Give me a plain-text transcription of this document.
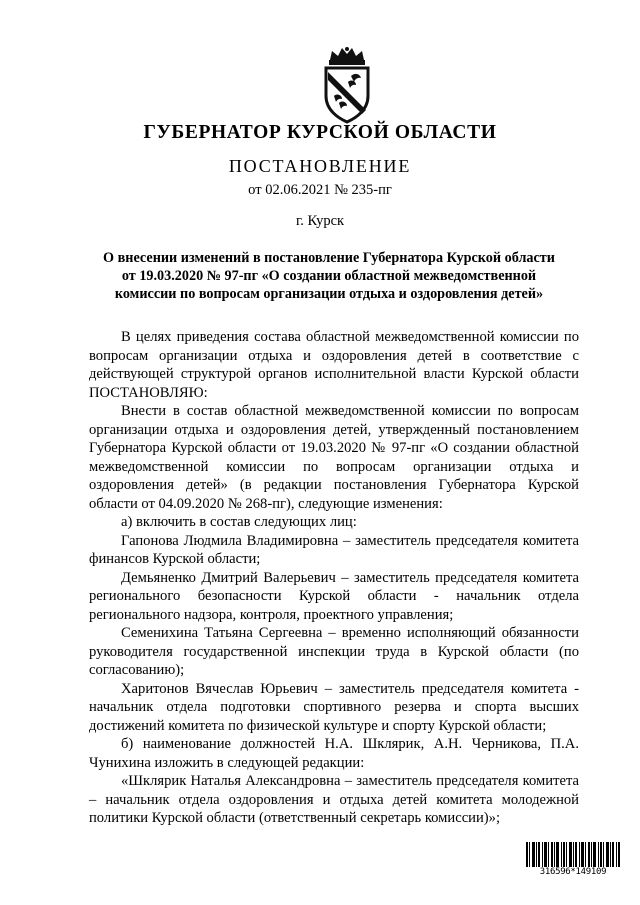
ГУБЕРНАТОР КУРСКОЙ ОБЛАСТИ
ПОСТАНОВЛЕНИЕ
от 02.06.2021 № 235-пг
г. Курск
О внесении изменений в постановление Губернатора Курской области
от 19.03.2020 № 97-пг «О создании областной межведомственной
комиссии по вопросам организации отдыха и оздоровления детей»

В целях приведения состава областной межведомственной комиссии по вопросам организации отдыха и оздоровления детей в соответствие с действующей структурой органов исполнительной власти Курской области ПОСТАНОВЛЯЮ:

Внести в состав областной межведомственной комиссии по вопросам организации отдыха и оздоровления детей, утвержденный постановлением Губернатора Курской области от 19.03.2020 № 97-пг «О создании областной межведомственной комиссии по вопросам организации отдыха и оздоровления детей» (в редакции постановления Губернатора Курской области от 04.09.2020 № 268-пг), следующие изменения:

а) включить в состав следующих лиц:

Гапонова Людмила Владимировна – заместитель председателя комитета финансов Курской области;

Демьяненко Дмитрий Валерьевич – заместитель председателя комитета регионального безопасности Курской области - начальник отдела регионального надзора, контроля, проектного управления;

Семенихина Татьяна Сергеевна – временно исполняющий обязанности руководителя государственной инспекции труда в Курской области (по согласованию);

Харитонов Вячеслав Юрьевич – заместитель председателя комитета - начальник отдела подготовки спортивного резерва и спорта высших достижений комитета по физической культуре и спорту Курской области;

б) наименование должностей Н.А. Шклярик, А.Н. Черникова, П.А. Чунихина изложить в следующей редакции:

«Шклярик Наталья Александровна – заместитель председателя комитета – начальник отдела оздоровления и отдыха детей комитета молодежной политики Курской области (ответственный секретарь комиссии)»;

316596*149109
